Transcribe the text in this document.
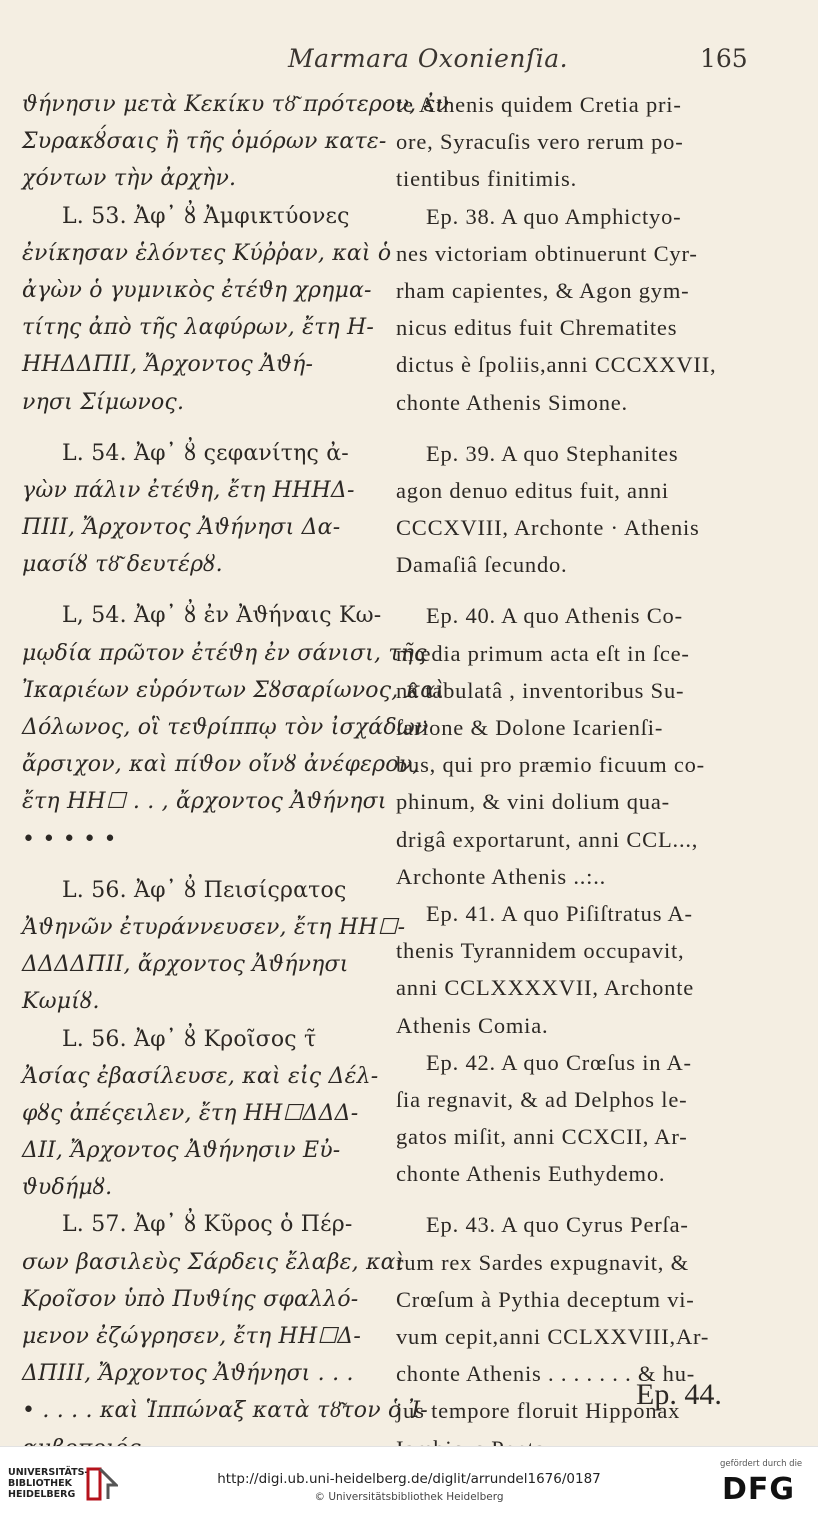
Marmara Oxonienſia.	165
ϑήνησιν μετὰ Κεκίκυ τȣ͂ πρότερον, ἐν
Συρακȣ́σαις ἢ τῆς ὁμόρων κατε-
χόντων τὴν ἀρχὴν.
L. 53. Ἀφ᾽ ȣ̓ Ἀμφικτύονες
ἐνίκησαν ἑλόντες Κύῤῥαν, καὶ ὁ
ἀγὼν ὁ γυμνικὸς ἐτέϑη χρημα-
τίτης ἀπὸ τῆς λαφύρων, ἔτη Η-
ΗΗΔΔΠΙΙ, Ἄρχοντος Ἀϑή-
νησι Σίμωνος.
L. 54. Ἀφ᾽ ȣ̓ ςεφανίτης ἀ-
γὼν πάλιν ἐτέϑη, ἔτη ΗΗΗΔ-
ΠΙΙΙ, Ἄρχοντος Ἀϑήνησι Δα-
μασίȣ τȣ͂ δευτέρȣ.
L, 54. Ἀφ᾽ ȣ̓ ἐν Ἀϑήναις Κω-
μῳδία πρῶτον ἐτέϑη ἐν σάνισι, τῆς
Ἰκαριέων εὑρόντων Σȣσαρίωνος, καὶ
Δόλωνος, οἳ τεϑρίππῳ τὸν ἰσχάδων
ἄρσιχον, καὶ πίϑον οἴνȣ ἀνέφερον,
ἔτη ΗΗ☐ . . , ἄρχοντος Ἀϑήνησι
• • • • •
L. 56. Ἀφ᾽ ȣ̓ Πεισίςρατος
Ἀϑηνῶν ἐτυράννευσεν, ἔτη ΗΗ☐-
ΔΔΔΔΠΙΙ, ἄρχοντος Ἀϑήνησι
Κωμίȣ.
L. 56. Ἀφ᾽ ȣ̓ Κροῖσος τ̃
Ἀσίας ἐβασίλευσε, καὶ εἰς Δέλ-
φȣς ἀπέςειλεν, ἔτη ΗΗ☐ΔΔΔ-
ΔΙΙ, Ἄρχοντος Ἀϑήνησιν Εὐ-
ϑυδήμȣ.
L. 57. Ἀφ᾽ ȣ̓ Κῦρος ὁ Πέρ-
σων βασιλεὺς Σάρδεις ἔλαβε, καὶ
Κροῖσον ὑπὸ Πυϑίης σφαλλό-
μενον ἐζώγρησεν, ἔτη ΗΗ☐Δ-
ΔΠΙΙΙ, Ἄρχοντος Ἀϑήνησι . . .
• . . . . καὶ Ἱππώναξ κατὰ τȣ͂τον ὁ Ἰ-
te Athenis quidem Cretia pri-
ore, Syracuſis vero rerum po-
tientibus finitimis.
Ep. 38. A quo Amphictyo-
nes victoriam obtinuerunt Cyr-
rham capientes, & Agon gym-
nicus editus fuit Chrematites
dictus è ſpoliis,anni CCCXXVII,
chonte Athenis Simone.
Ep. 39. A quo Stephanites
agon denuo editus fuit, anni
CCCXVIII, Archonte · Athenis
Damaſiâ ſecundo.
Ep. 40. A quo Athenis Co-
mœdia primum acta eſt in ſce-
nâ tabulatâ , inventoribus Su-
ſarione & Dolone Icarienſi-
bus, qui pro præmio ficuum co-
phinum, & vini dolium qua-
drigâ exportarunt, anni CCL...,
Archonte Athenis ..:..
Ep. 41. A quo Piſiſtratus A-
thenis Tyrannidem occupavit,
anni CCLXXXXVII, Archonte
Athenis Comia.
Ep. 42. A quo Crœſus in A-
ſia regnavit, & ad Delphos le-
gatos miſit, anni CCXCII, Ar-
chonte Athenis Euthydemo.
Ep. 43. A quo Cyrus Perſa-
rum rex Sardes expugnavit, &
Crœſum à Pythia deceptum vi-
vum cepit,anni CCLXXVIII,Ar-
chonte Athenis . . . . . . . & hu-
jus tempore floruit Hipponax
Ep. 44.
UNIVERSITÄTS-
BIBLIOTHEK
HEIDELBERG
http://digi.ub.uni-heidelberg.de/diglit/arrundel1676/0187
© Universitätsbibliothek Heidelberg
gefördert durch die
DFG
